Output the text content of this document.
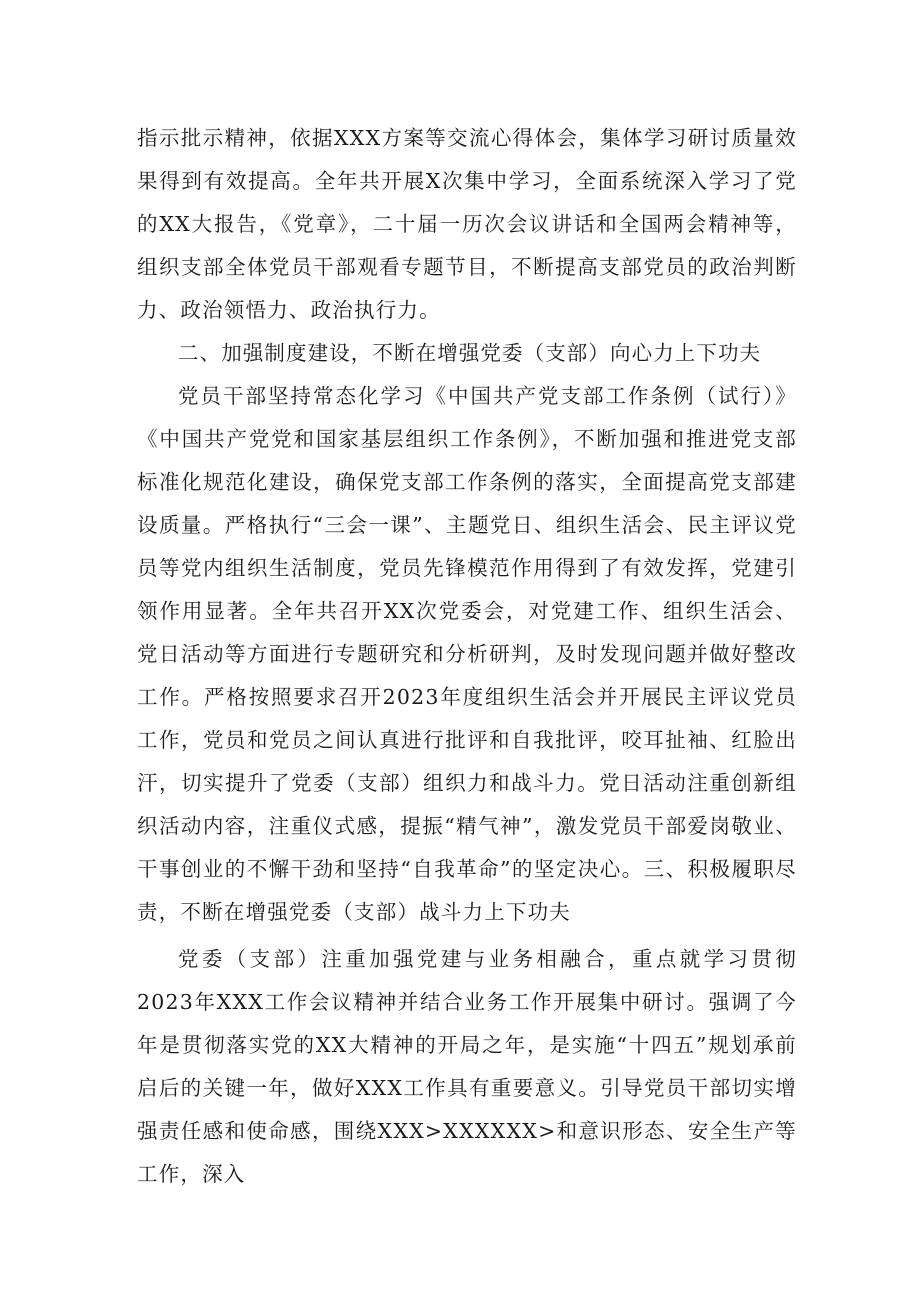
指示批示精神，依据XXX方案等交流心得体会，集体学习研讨质量效果得到有效提高。全年共开展X次集中学习，全面系统深入学习了党的XX大报告，《党章》，二十届一历次会议讲话和全国两会精神等，组织支部全体党员干部观看专题节目，不断提高支部党员的政治判断力、政治领悟力、政治执行力。

二、加强制度建设，不断在增强党委（支部）向心力上下功夫

党员干部坚持常态化学习《中国共产党支部工作条例（试行）》《中国共产党党和国家基层组织工作条例》，不断加强和推进党支部标准化规范化建设，确保党支部工作条例的落实，全面提高党支部建设质量。严格执行“三会一课”、主题党日、组织生活会、民主评议党员等党内组织生活制度，党员先锋模范作用得到了有效发挥，党建引领作用显著。全年共召开XX次党委会，对党建工作、组织生活会、党日活动等方面进行专题研究和分析研判，及时发现问题并做好整改工作。严格按照要求召开2023年度组织生活会并开展民主评议党员工作，党员和党员之间认真进行批评和自我批评，咬耳扯袖、红脸出汗，切实提升了党委（支部）组织力和战斗力。党日活动注重创新组织活动内容，注重仪式感，提振“精气神”，激发党员干部爱岗敬业、干事创业的不懈干劲和坚持“自我革命”的坚定决心。三、积极履职尽责，不断在增强党委（支部）战斗力上下功夫

党委（支部）注重加强党建与业务相融合，重点就学习贯彻2023年XXX工作会议精神并结合业务工作开展集中研讨。强调了今年是贯彻落实党的XX大精神的开局之年，是实施“十四五”规划承前启后的关键一年，做好XXX工作具有重要意义。引导党员干部切实增强责任感和使命感，围绕XXX>XXXXXX>和意识形态、安全生产等工作，深入
